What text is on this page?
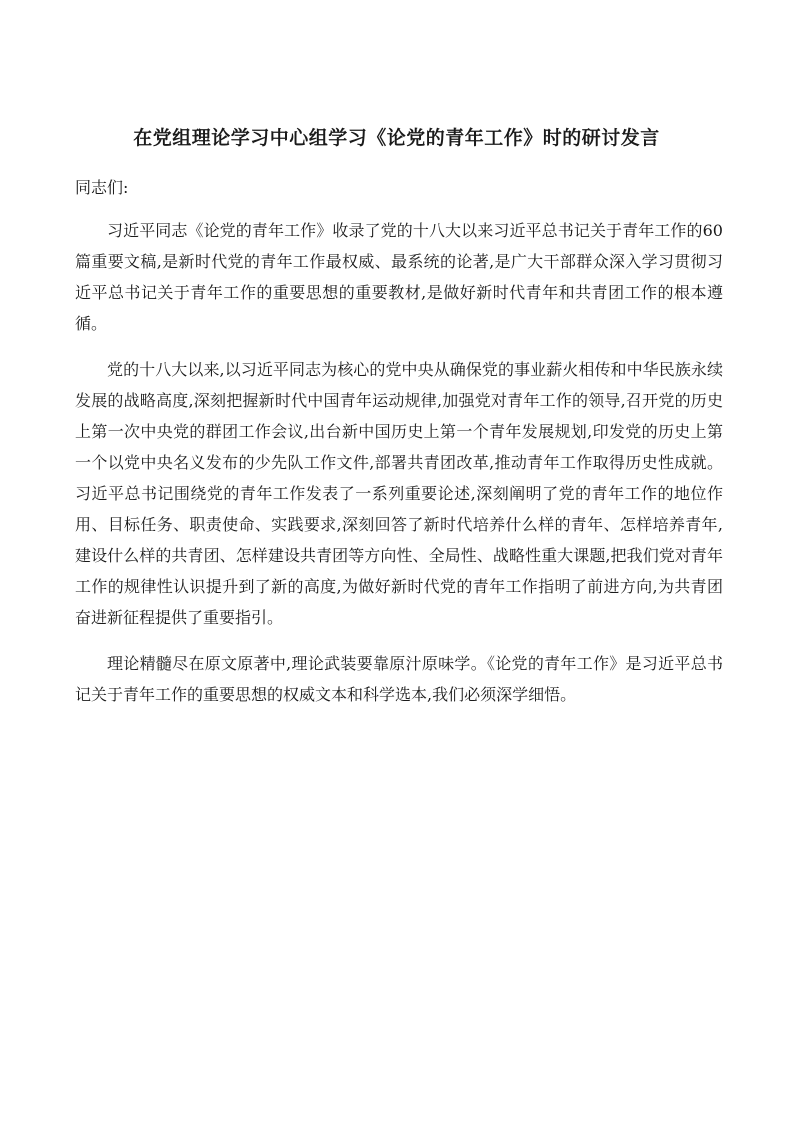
在党组理论学习中心组学习《论党的青年工作》时的研讨发言

同志们:

习近平同志《论党的青年工作》收录了党的十八大以来习近平总书记关于青年工作的60篇重要文稿,是新时代党的青年工作最权威、最系统的论著,是广大干部群众深入学习贯彻习近平总书记关于青年工作的重要思想的重要教材,是做好新时代青年和共青团工作的根本遵循。

党的十八大以来,以习近平同志为核心的党中央从确保党的事业薪火相传和中华民族永续发展的战略高度,深刻把握新时代中国青年运动规律,加强党对青年工作的领导,召开党的历史上第一次中央党的群团工作会议,出台新中国历史上第一个青年发展规划,印发党的历史上第一个以党中央名义发布的少先队工作文件,部署共青团改革,推动青年工作取得历史性成就。习近平总书记围绕党的青年工作发表了一系列重要论述,深刻阐明了党的青年工作的地位作用、目标任务、职责使命、实践要求,深刻回答了新时代培养什么样的青年、怎样培养青年,建设什么样的共青团、怎样建设共青团等方向性、全局性、战略性重大课题,把我们党对青年工作的规律性认识提升到了新的高度,为做好新时代党的青年工作指明了前进方向,为共青团奋进新征程提供了重要指引。

理论精髓尽在原文原著中,理论武装要靠原汁原味学。《论党的青年工作》是习近平总书记关于青年工作的重要思想的权威文本和科学选本,我们必须深学细悟。
